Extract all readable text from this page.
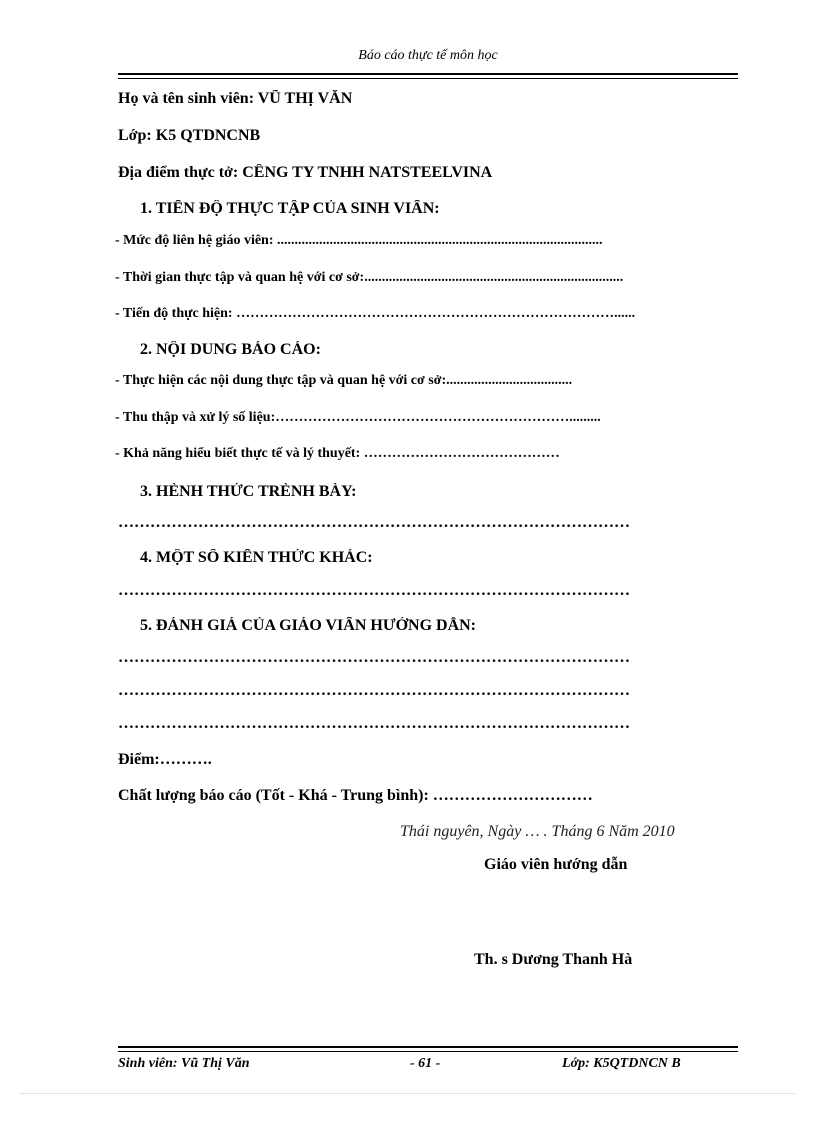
Báo cáo thực tế môn học
Họ và tên sinh viên: VŨ THỊ VĂN
Lớp: K5 QTDNCNB
Địa điểm thực tở: CÊNG TY TNHH NATSTEELVINA
1. TIẾN ĐỘ THỰC TẬP CỦA SINH VIẤN:
- Mức độ liên hệ giáo viên: .............................................................................................
- Thời gian thực tập và quan hệ với cơ sở:..........................................................................
- Tiến độ thực hiện: ………………………………………………………………………......
2. NỘI DUNG BÁO CÁO:
- Thực hiện các nội dung thực tập và quan hệ với cơ sở:....................................
- Thu thập và xử lý số liệu:……………………………………………………….........
- Khả năng hiểu biết thực tế và lý thuyết: ……………………………………
3. HÈNH THỨC TRÈNH BÀY:
……………………………………………………………………………………
4. MỘT SỐ KIẾN THỨC KHÁC:
……………………………………………………………………………………
5. ĐÁNH GIÁ CỦA GIÁO VIẤN HƯỚNG DẪN:
……………………………………………………………………………………
……………………………………………………………………………………
……………………………………………………………………………………
Điểm:……….
Chất lượng báo cáo (Tốt - Khá - Trung bình): …………………………
Thái nguyên, Ngày … . Tháng 6 Năm 2010
Giáo viên hướng dẫn
Th. s Dương Thanh Hà
Sinh viên: Vũ Thị Văn	- 61 -	Lớp: K5QTDNCN B
